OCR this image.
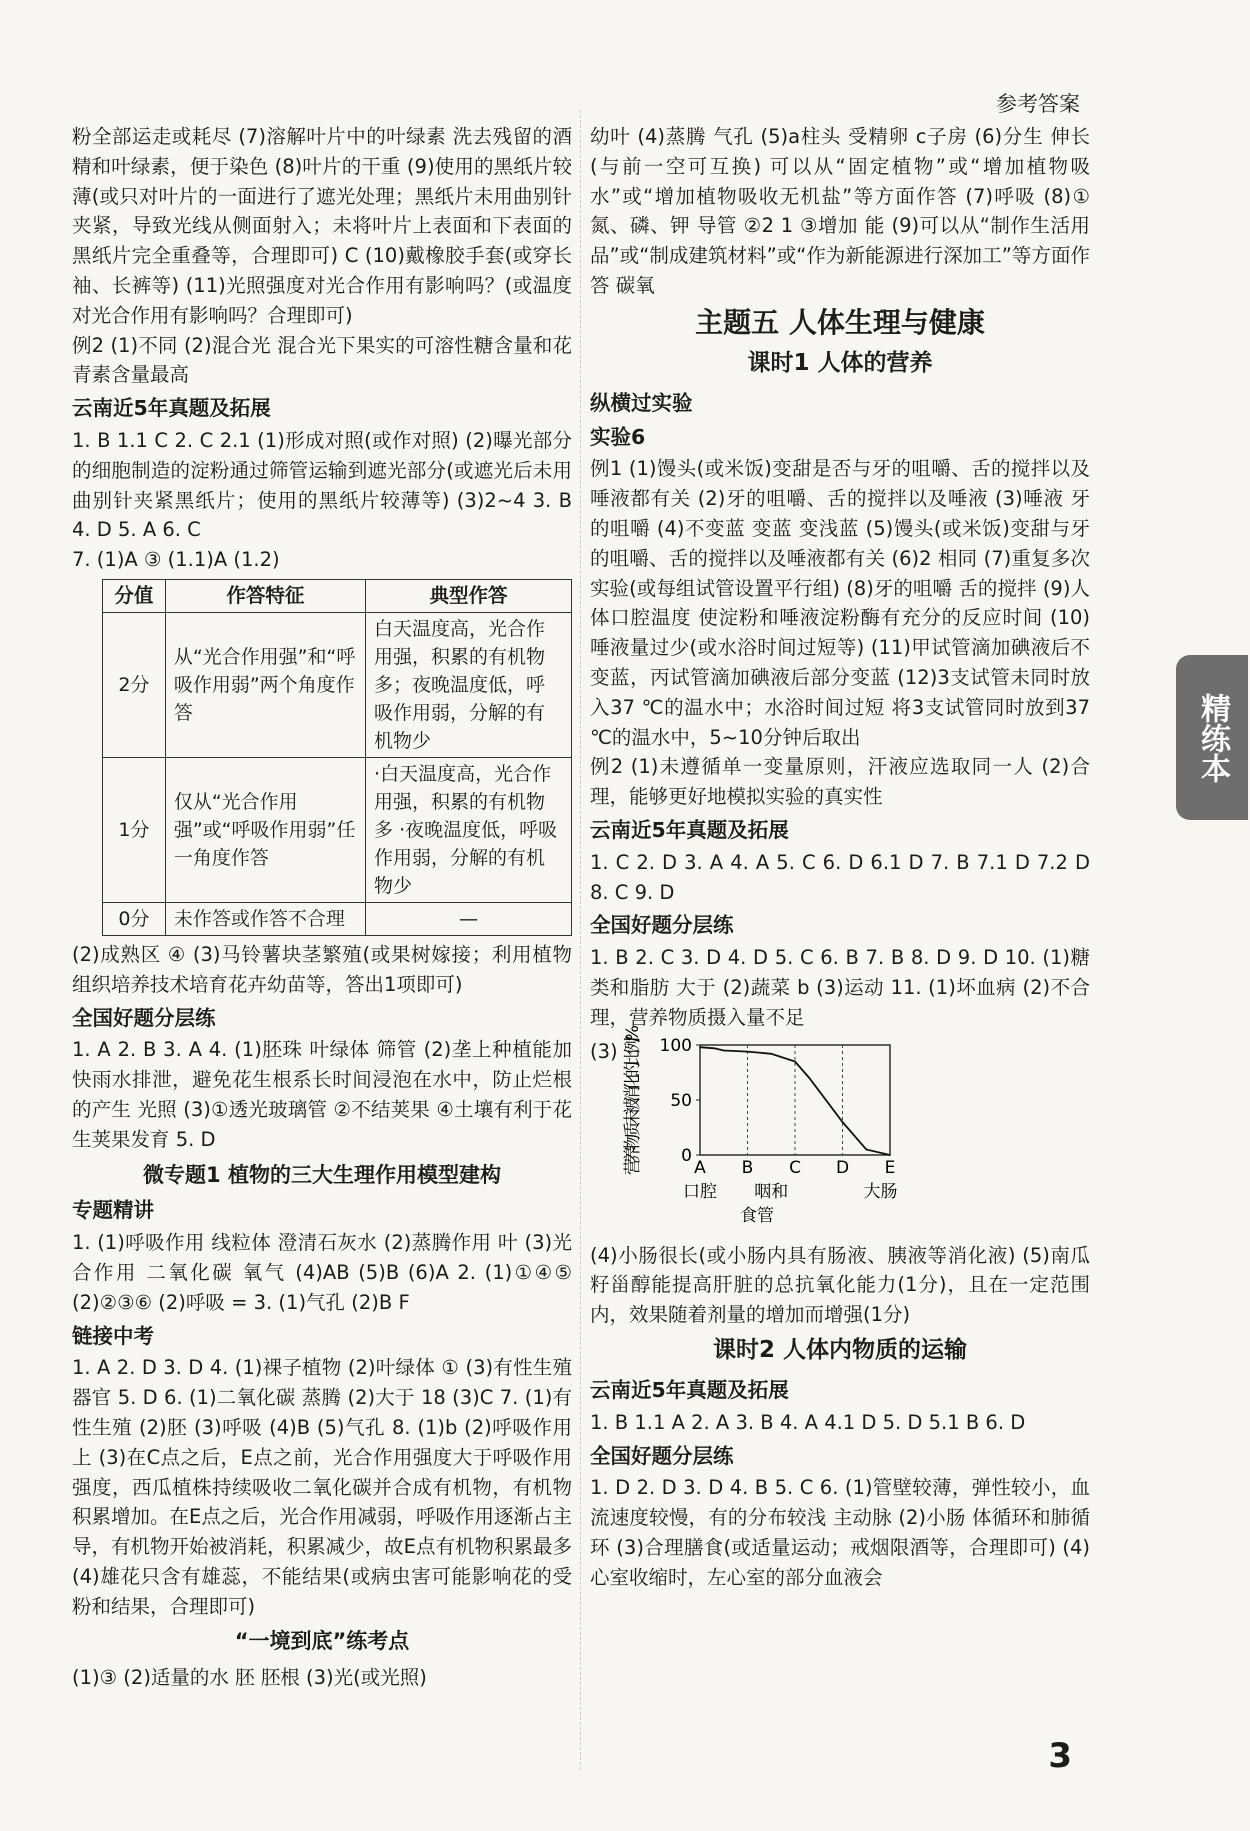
参考答案

粉全部运走或耗尽 (7)溶解叶片中的叶绿素 洗去残留的酒精和叶绿素，便于染色 (8)叶片的干重 (9)使用的黑纸片较薄(或只对叶片的一面进行了遮光处理；黑纸片未用曲别针夹紧，导致光线从侧面射入；未将叶片上表面和下表面的黑纸片完全重叠等，合理即可) C (10)戴橡胶手套(或穿长袖、长裤等) (11)光照强度对光合作用有影响吗？(或温度对光合作用有影响吗？合理即可)

例2 (1)不同 (2)混合光 混合光下果实的可溶性糖含量和花青素含量最高

云南近5年真题及拓展

1. B 1.1 C 2. C 2.1 (1)形成对照(或作对照) (2)曝光部分的细胞制造的淀粉通过筛管运输到遮光部分(或遮光后未用曲别针夹紧黑纸片；使用的黑纸片较薄等) (3)2~4 3. B 4. D 5. A 6. C

7. (1)A ③ (1.1)A (1.2)

分值	作答特征	典型作答
2分	从“光合作用强”和“呼吸作用弱”两个角度作答	白天温度高，光合作用强，积累的有机物多；夜晚温度低，呼吸作用弱，分解的有机物少
1分	仅从“光合作用强”或“呼吸作用弱”任一角度作答	·白天温度高，光合作用强，积累的有机物多 ·夜晚温度低，呼吸作用弱，分解的有机物少
0分	未作答或作答不合理	—

(2)成熟区 ④ (3)马铃薯块茎繁殖(或果树嫁接；利用植物组织培养技术培育花卉幼苗等，答出1项即可)

全国好题分层练

1. A 2. B 3. A 4. (1)胚珠 叶绿体 筛管 (2)垄上种植能加快雨水排泄，避免花生根系长时间浸泡在水中，防止烂根的产生 光照 (3)①透光玻璃管 ②不结荚果 ④土壤有利于花生荚果发育 5. D

微专题1 植物的三大生理作用模型建构
专题精讲

1. (1)呼吸作用 线粒体 澄清石灰水 (2)蒸腾作用 叶 (3)光合作用 二氧化碳 氧气 (4)AB (5)B (6)A 2. (1)①④⑤ (2)②③⑥ (2)呼吸 = 3. (1)气孔 (2)B F

链接中考

1. A 2. D 3. D 4. (1)裸子植物 (2)叶绿体 ① (3)有性生殖 器官 5. D 6. (1)二氧化碳 蒸腾 (2)大于 18 (3)C 7. (1)有性生殖 (2)胚 (3)呼吸 (4)B (5)气孔 8. (1)b (2)呼吸作用 上 (3)在C点之后，E点之前，光合作用强度大于呼吸作用强度，西瓜植株持续吸收二氧化碳并合成有机物，有机物积累增加。在E点之后，光合作用减弱，呼吸作用逐渐占主导，有机物开始被消耗，积累减少，故E点有机物积累最多 (4)雄花只含有雄蕊，不能结果(或病虫害可能影响花的受粉和结果，合理即可)

“一境到底”练考点

(1)③ (2)适量的水 胚 胚根 (3)光(或光照)

幼叶 (4)蒸腾 气孔 (5)a柱头 受精卵 c子房 (6)分生 伸长(与前一空可互换) 可以从“固定植物”或“增加植物吸水”或“增加植物吸收无机盐”等方面作答 (7)呼吸 (8)①氮、磷、钾 导管 ②2 1 ③增加 能 (9)可以从“制作生活用品”或“制成建筑材料”或“作为新能源进行深加工”等方面作答 碳氧

主题五 人体生理与健康
课时1 人体的营养
纵横过实验
实验6

例1 (1)馒头(或米饭)变甜是否与牙的咀嚼、舌的搅拌以及唾液都有关 (2)牙的咀嚼、舌的搅拌以及唾液 (3)唾液 牙的咀嚼 (4)不变蓝 变蓝 变浅蓝 (5)馒头(或米饭)变甜与牙的咀嚼、舌的搅拌以及唾液都有关 (6)2 相同 (7)重复多次实验(或每组试管设置平行组) (8)牙的咀嚼 舌的搅拌 (9)人体口腔温度 使淀粉和唾液淀粉酶有充分的反应时间 (10)唾液量过少(或水浴时间过短等) (11)甲试管滴加碘液后不变蓝，丙试管滴加碘液后部分变蓝 (12)3支试管未同时放入37 ℃的温水中；水浴时间过短 将3支试管同时放到37 ℃的温水中，5~10分钟后取出

例2 (1)未遵循单一变量原则，汗液应选取同一人 (2)合理，能够更好地模拟实验的真实性

云南近5年真题及拓展

1. C 2. D 3. A 4. A 5. C 6. D 6.1 D 7. B 7.1 D 7.2 D 8. C 9. D

全国好题分层练

1. B 2. C 3. D 4. D 5. C 6. B 7. B 8. D 9. D 10. (1)糖类和脂肪 大于 (2)蔬菜 b (3)运动 11. (1)坏血病 (2)不合理，营养物质摄入量不足

(3)
营养物质未被消化的比例/%
0
50
100
A B C D E
口腔 咽和
食管
大肠

(4)小肠很长(或小肠内具有肠液、胰液等消化液) (5)南瓜籽甾醇能提高肝脏的总抗氧化能力(1分)，且在一定范围内，效果随着剂量的增加而增强(1分)

课时2 人体内物质的运输
云南近5年真题及拓展

1. B 1.1 A 2. A 3. B 4. A 4.1 D 5. D 5.1 B 6. D

全国好题分层练

1. D 2. D 3. D 4. B 5. C 6. (1)管壁较薄，弹性较小，血流速度较慢，有的分布较浅 主动脉 (2)小肠 体循环和肺循环 (3)合理膳食(或适量运动；戒烟限酒等，合理即可) (4)心室收缩时，左心室的部分血液会

精练本
3
